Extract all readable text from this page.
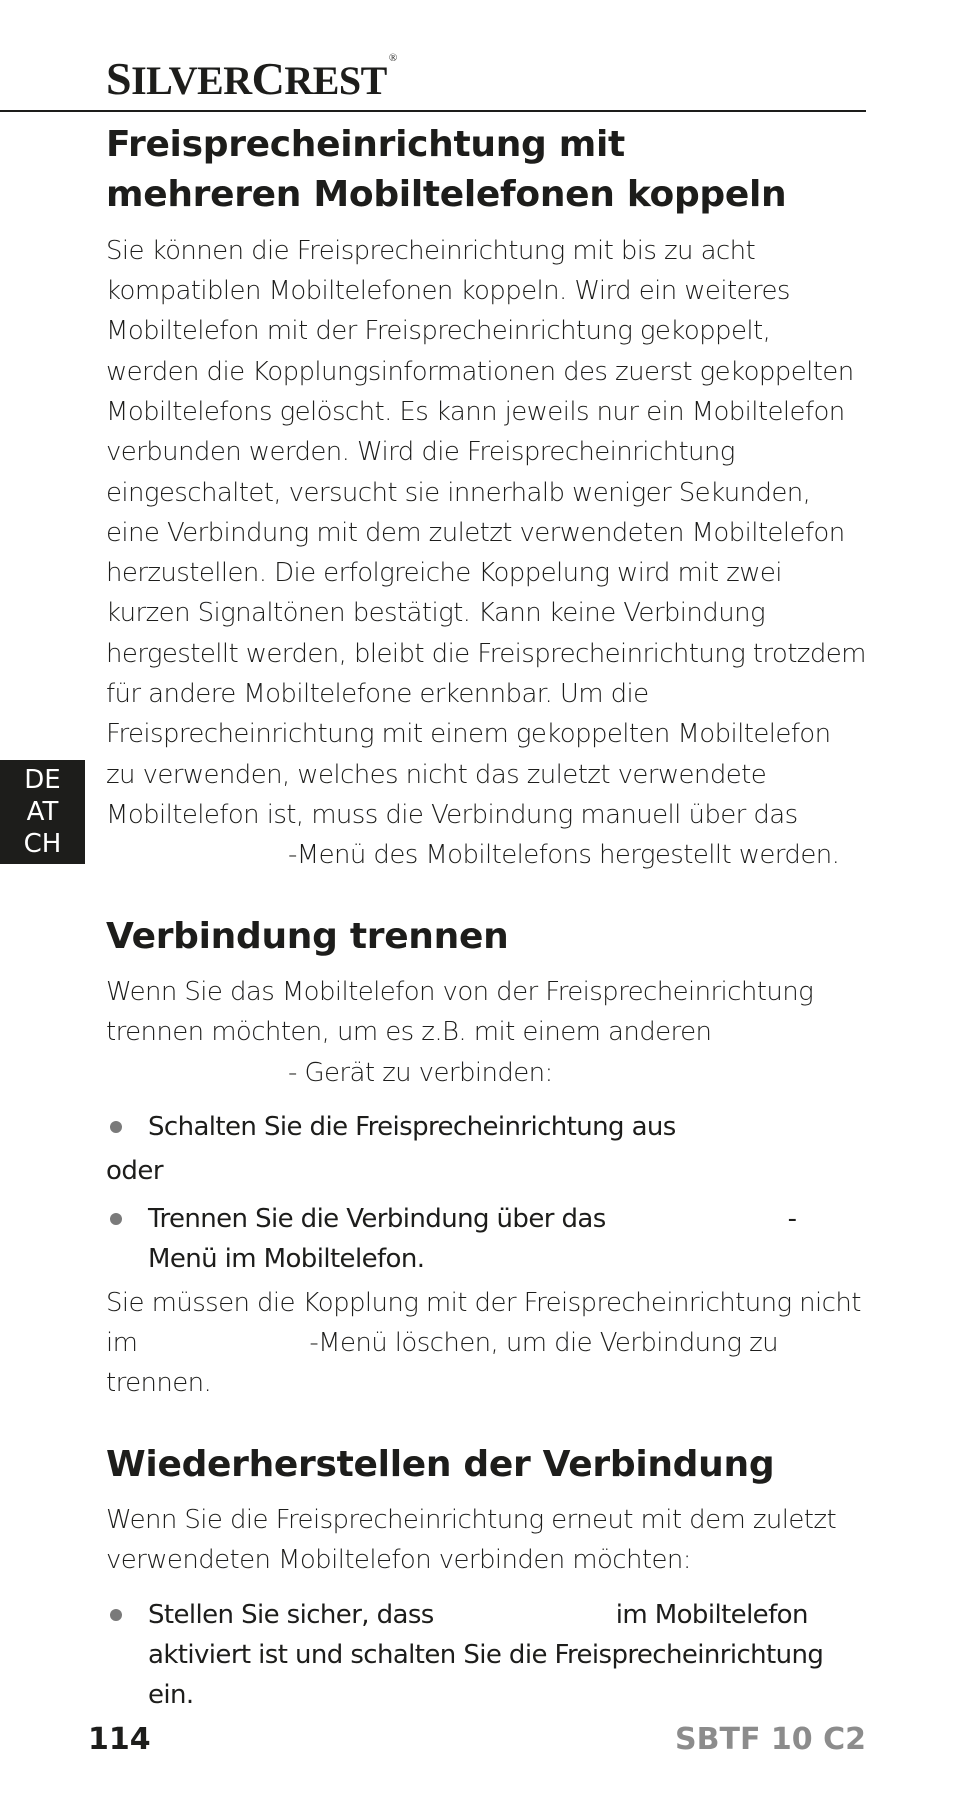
SILVERCREST ®
DE
AT
CH
Freisprecheinrichtung mit
mehreren Mobiltelefonen koppeln

Sie können die Freisprecheinrichtung mit bis zu acht kompatiblen Mobiltelefonen koppeln. Wird ein weiteres Mobiltelefon mit der Freisprecheinrichtung gekoppelt, werden die Kopplungsinformationen des zuerst gekoppelten Mobiltelefons gelöscht. Es kann jeweils nur ein Mobiltelefon verbunden werden. Wird die Freisprecheinrichtung eingeschaltet, versucht sie innerhalb weniger Sekunden, eine Verbindung mit dem zuletzt verwendeten Mobiltelefon herzustellen. Die erfolgreiche Koppelung wird mit zwei kurzen Signaltönen bestätigt. Kann keine Verbindung hergestellt werden, bleibt die Freisprecheinrichtung trotzdem für andere Mobiltelefone erkennbar. Um die Freisprecheinrichtung mit einem gekoppelten Mobiltelefon zu verwenden, welches nicht das zuletzt verwendete Mobiltelefon ist, muss die Verbindung manuell über das
-Menü des Mobiltelefons hergestellt werden.

Verbindung trennen

Wenn Sie das Mobiltelefon von der Freisprecheinrichtung trennen möchten, um es z.B. mit einem anderen
- Gerät zu verbinden:

Schalten Sie die Freisprecheinrichtung aus
oder
Trennen Sie die Verbindung über das	-
Menü im Mobiltelefon.

Sie müssen die Kopplung mit der Freisprecheinrichtung nicht im	-Menü löschen, um die Verbindung zu trennen.

Wiederherstellen der Verbindung

Wenn Sie die Freisprecheinrichtung erneut mit dem zuletzt verwendeten Mobiltelefon verbinden möchten:

Stellen Sie sicher, dass	im Mobiltelefon aktiviert ist und schalten Sie die Freisprecheinrichtung ein.
114	SBTF 10 C2
